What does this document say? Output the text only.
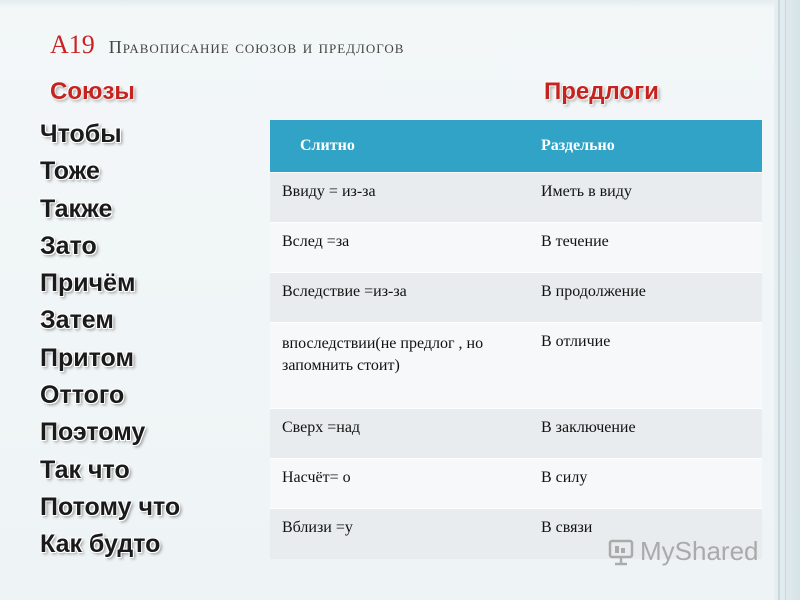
А19 Правописание союзов и предлогов
Союзы	Предлоги
Чтобы
Тоже
Также
Зато
Причём
Затем
Притом
Оттого
Поэтому
Так что
Потому что
Как будто
Слитно	Раздельно
Ввиду = из-за	Иметь в виду
Вслед =за	В течение
Вследствие =из-за	В продолжение
впоследствии(не предлог , но запомнить стоит)	В отличие
Сверх =над	В заключение
Насчёт= о	В силу
Вблизи =у	В связи
MyShared
